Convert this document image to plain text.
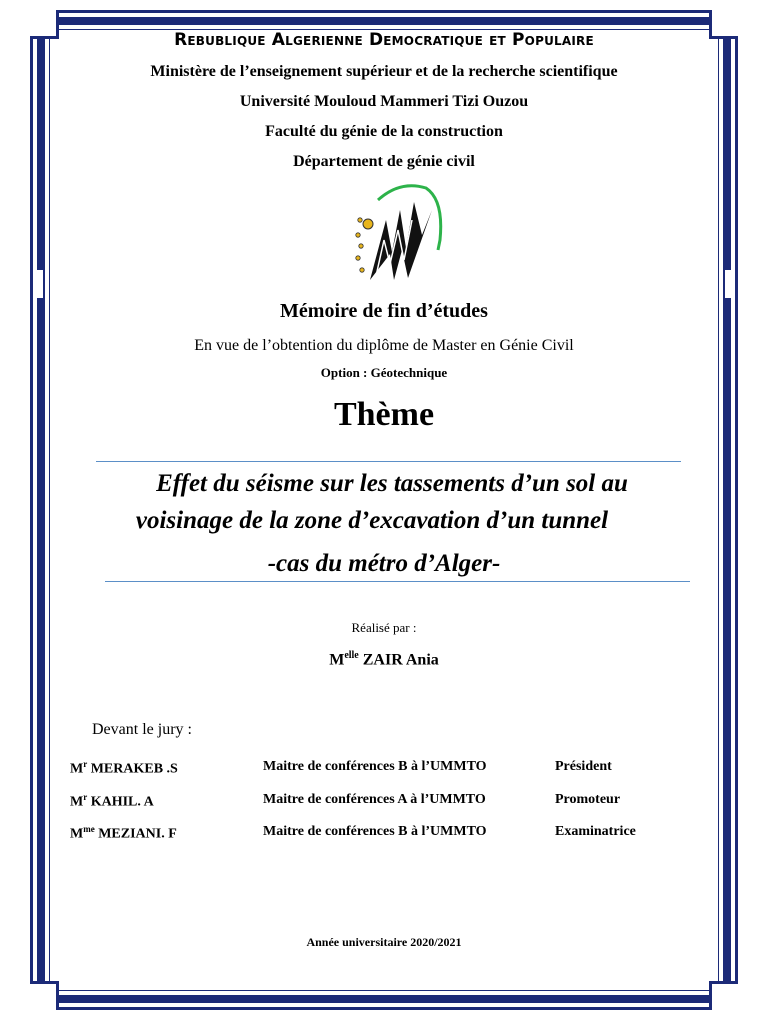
Rebublique Algerienne Democratique et Populaire
Ministère de l’enseignement supérieur et de la recherche scientifique
Université Mouloud Mammeri Tizi Ouzou
Faculté du génie de la construction
Département de génie civil
Mémoire de fin d’études
En vue de l’obtention du diplôme de Master en Génie Civil
Option : Géotechnique
Thème
Effet du séisme sur les tassements d’un sol au
voisinage de la zone d’excavation d’un tunnel
-cas du métro d’Alger-
Réalisé par :
$M^{elle}$ ZAIR Ania
Devant le jury :
$M^r$ MERAKEB .S	Maitre de conférences B à l’UMMTO	Président
$M^r$ KAHIL. A	Maitre de conférences A à l’UMMTO	Promoteur
$M^{me}$ MEZIANI. F	Maitre de conférences B à l’UMMTO	Examinatrice
Année universitaire 2020/2021
